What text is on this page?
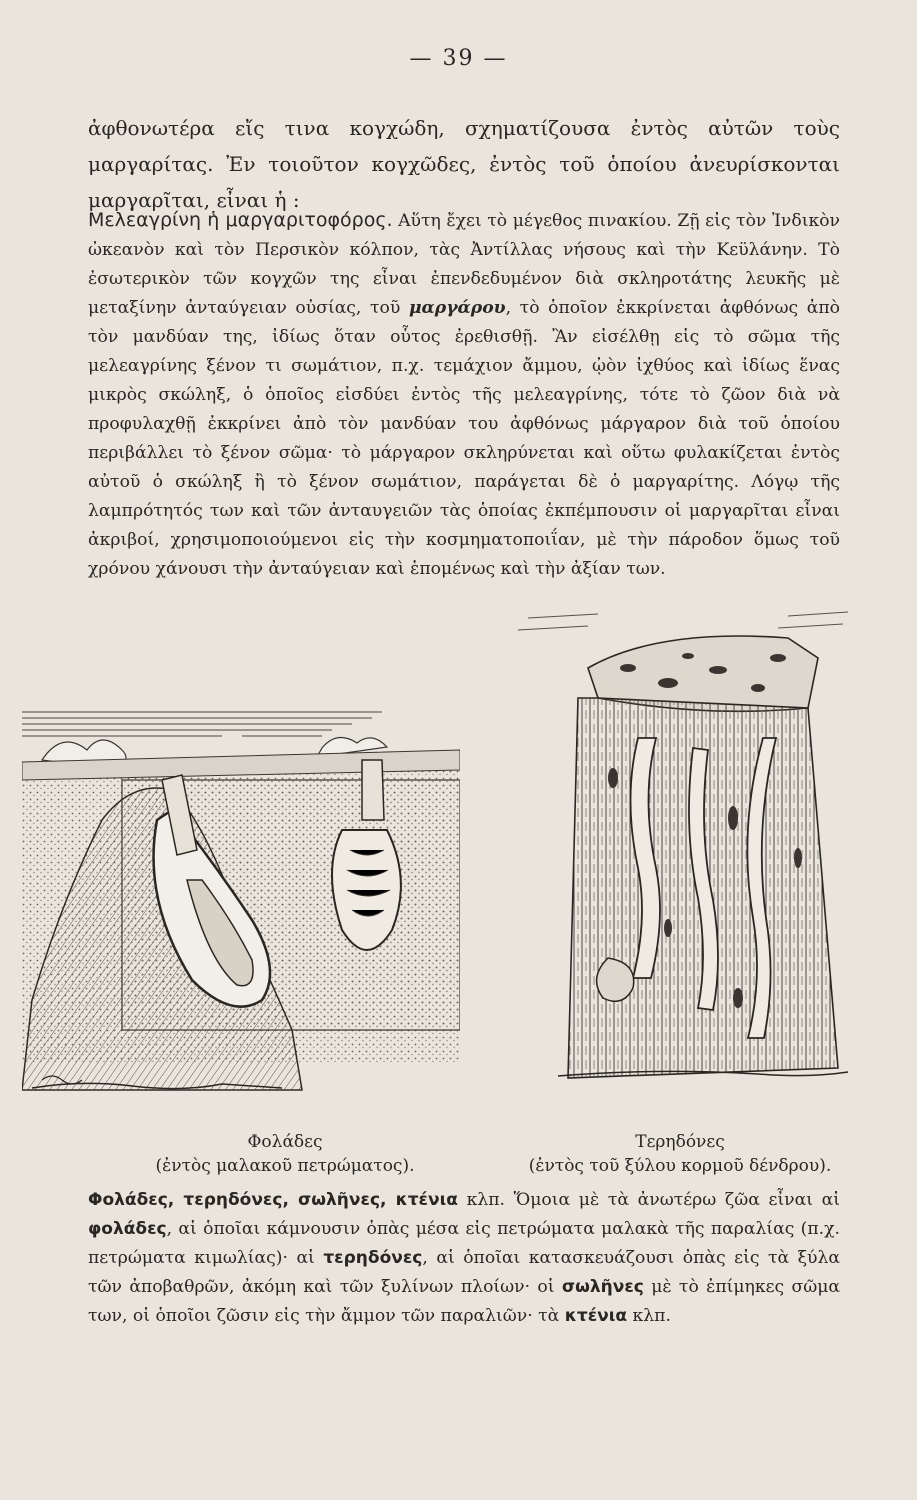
— 39 —
ἀφθονωτέρα εἴς τινα κογχώδη, σχηματίζουσα ἐντὸς αὐτῶν τοὺς μαργαρίτας. Ἐν τοιοῦτον κογχῶδες, ἐντὸς τοῦ ὁποίου ἀνευρίσκονται μαργαρῖται, εἶναι ἡ :
Μελεαγρίνη ἡ μαργαριτοφόρος. Αὕτη ἔχει τὸ μέγεθος πινακίου. Ζῇ εἰς τὸν Ἰνδικὸν ὠκεανὸν καὶ τὸν Περσικὸν κόλπον, τὰς Ἀντίλλας νήσους καὶ τὴν Κεϋλάνην. Τὸ ἐσωτερικὸν τῶν κογχῶν της εἶναι ἐπενδεδυμένον διὰ σκληροτάτης λευκῆς μὲ μεταξίνην ἀνταύγειαν οὐσίας, τοῦ μαργάρου, τὸ ὁποῖον ἐκκρίνεται ἀφθόνως ἀπὸ τὸν μανδύαν της, ἰδίως ὅταν οὗτος ἐρεθισθῇ. Ἂν εἰσέλθῃ εἰς τὸ σῶμα τῆς μελεαγρίνης ξένον τι σωμάτιον, π.χ. τεμάχιον ἄμμου, ᾠὸν ἰχθύος καὶ ἰδίως ἕνας μικρὸς σκώληξ, ὁ ὁποῖος εἰσδύει ἐντὸς τῆς μελεαγρίνης, τότε τὸ ζῶον διὰ νὰ προφυλαχθῇ ἐκκρίνει ἀπὸ τὸν μανδύαν του ἀφθόνως μάργαρον διὰ τοῦ ὁποίου περιβάλλει τὸ ξένον σῶμα· τὸ μάργαρον σκληρύνεται καὶ οὕτω φυλακίζεται ἐντὸς αὐτοῦ ὁ σκώληξ ἢ τὸ ξένον σωμάτιον, παράγεται δὲ ὁ μαργαρίτης. Λόγῳ τῆς λαμπρότητός των καὶ τῶν ἀνταυγειῶν τὰς ὁποίας ἐκπέμπουσιν οἱ μαργαρῖται εἶναι ἀκριβοί, χρησιμοποιούμενοι εἰς τὴν κοσμηματοποιΐαν, μὲ τὴν πάροδον ὅμως τοῦ χρόνου χάνουσι τὴν ἀνταύγειαν καὶ ἑπομένως καὶ τὴν ἀξίαν των.
Φολάδες
(ἐντὸς μαλακοῦ πετρώματος).
Τερηδόνες
(ἐντὸς τοῦ ξύλου κορμοῦ δένδρου).
Φολάδες, τερηδόνες, σωλῆνες, κτένια κλπ. Ὅμοια μὲ τὰ ἀνωτέρω ζῶα εἶναι αἱ φολάδες, αἱ ὁποῖαι κάμνουσιν ὀπὰς μέσα εἰς πετρώματα μαλακὰ τῆς παραλίας (π.χ. πετρώματα κιμωλίας)· αἱ τερηδόνες, αἱ ὁποῖαι κατασκευάζουσι ὀπὰς εἰς τὰ ξύλα τῶν ἀποβαθρῶν, ἀκόμη καὶ τῶν ξυλίνων πλοίων· οἱ σωλῆνες μὲ τὸ ἐπίμηκες σῶμα των, οἱ ὁποῖοι ζῶσιν εἰς τὴν ἄμμον τῶν παραλιῶν· τὰ κτένια κλπ.
